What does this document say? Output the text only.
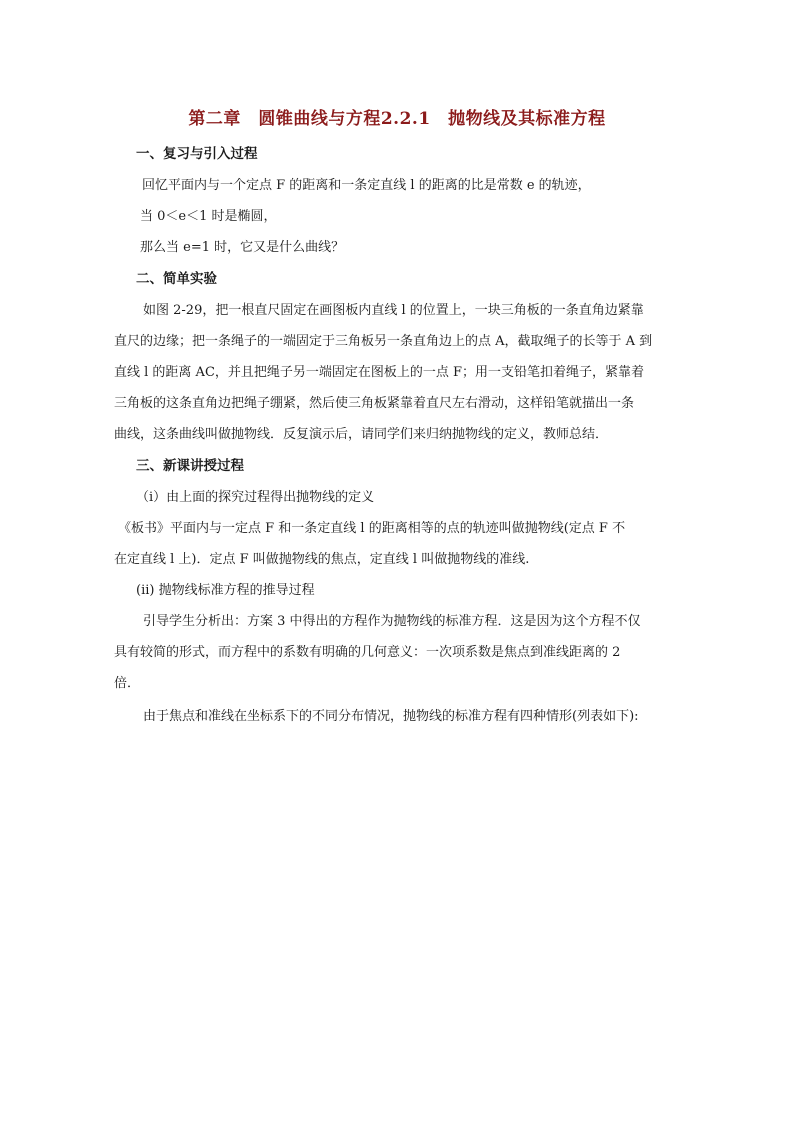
第二章　圆锥曲线与方程2.2.1　抛物线及其标准方程
一、复习与引入过程
回忆平面内与一个定点 F 的距离和一条定直线 l 的距离的比是常数 e 的轨迹，
当 0＜e＜1 时是椭圆，
那么当 e=1 时，它又是什么曲线？
二、简单实验
如图 2-29，把一根直尺固定在画图板内直线 l 的位置上，一块三角板的一条直角边紧靠
直尺的边缘；把一条绳子的一端固定于三角板另一条直角边上的点 A，截取绳子的长等于 A 到
直线 l 的距离 AC，并且把绳子另一端固定在图板上的一点 F；用一支铅笔扣着绳子，紧靠着
三角板的这条直角边把绳子绷紧，然后使三角板紧靠着直尺左右滑动，这样铅笔就描出一条
曲线，这条曲线叫做抛物线．反复演示后，请同学们来归纳抛物线的定义，教师总结．
三、新课讲授过程
（i）由上面的探究过程得出抛物线的定义
《板书》平面内与一定点 F 和一条定直线 l 的距离相等的点的轨迹叫做抛物线(定点 F 不
在定直线 l 上)．定点 F 叫做抛物线的焦点，定直线 l 叫做抛物线的准线.
(ii) 抛物线标准方程的推导过程
引导学生分析出：方案 3 中得出的方程作为抛物线的标准方程．这是因为这个方程不仅
具有较简的形式，而方程中的系数有明确的几何意义：一次项系数是焦点到准线距离的 2
倍．
由于焦点和准线在坐标系下的不同分布情况，抛物线的标准方程有四种情形(列表如下):
